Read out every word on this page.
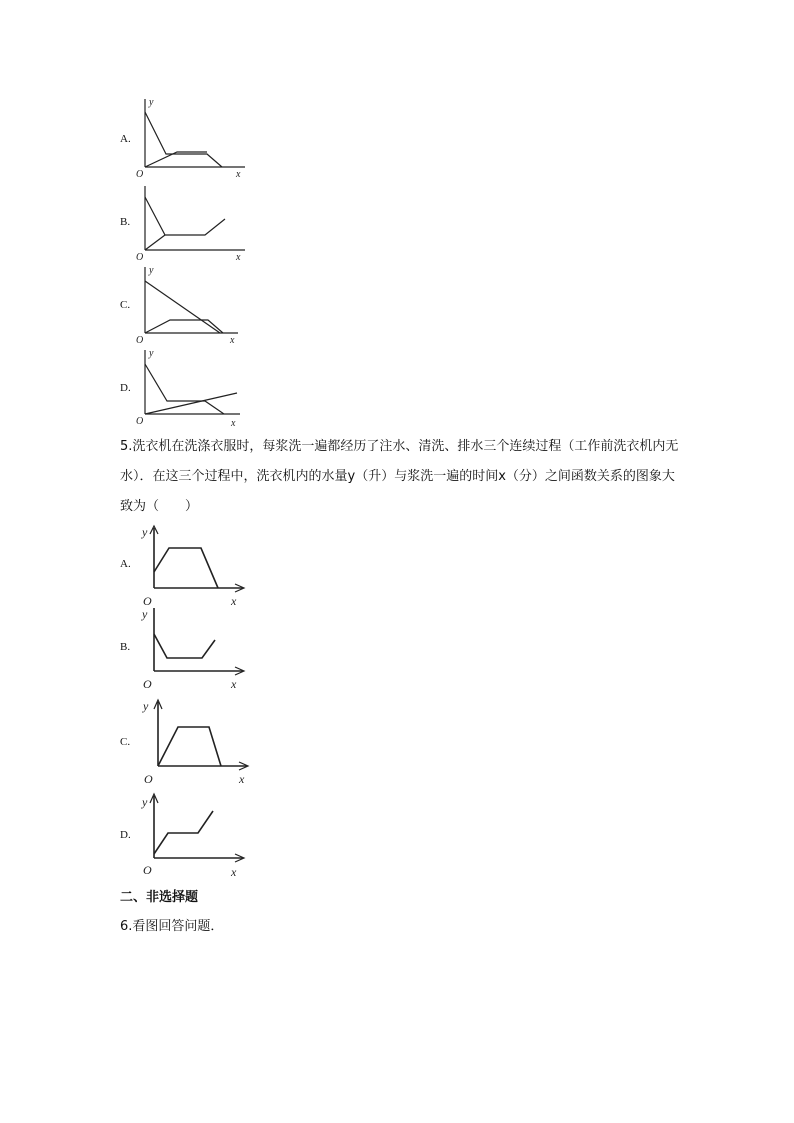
A.
y
x
O
B.
x
O
C.
y
x
O
D.
y
x
O
5.洗衣机在洗涤衣服时，每浆洗一遍都经历了注水、清洗、排水三个连续过程（工作前洗衣机内无水）．在这三个过程中，洗衣机内的水量y（升）与浆洗一遍的时间x（分）之间函数关系的图象大致为（　　）
A.
y
x
O
B.
y
x
O
C.
y
x
O
D.
y
x
O
二、非选择题
6.看图回答问题．
